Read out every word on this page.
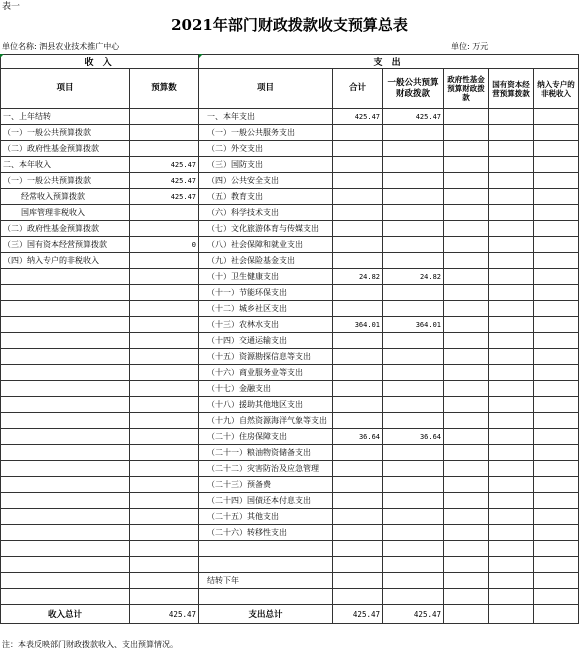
表一
2021年部门财政拨款收支预算总表
单位名称: 泗县农业技术推广中心	单位: 万元
收 入		支 出					
项目	预算数	项目	合计	一般公共预算财政拨款	政府性基金预算财政拨款	国有资本经营预算拨款	纳入专户的非税收入
一、上年结转		一、本年支出	425.47	425.47			
（一）一般公共预算拨款		（一）一般公共服务支出					
（二）政府性基金预算拨款		（二）外交支出					
二、本年收入	425.47	（三）国防支出					
（一）一般公共预算拨款	425.47	（四）公共安全支出					
经常收入预算拨款	425.47	（五）教育支出					
国库管理非税收入		（六）科学技术支出					
（二）政府性基金预算拨款		（七）文化旅游体育与传媒支出					
（三）国有资本经营预算拨款	0	（八）社会保障和就业支出					
（四）纳入专户的非税收入		（九）社会保险基金支出					
		（十）卫生健康支出	24.82	24.82			
		（十一）节能环保支出					
		（十二）城乡社区支出					
		（十三）农林水支出	364.01	364.01			
		（十四）交通运输支出					
		（十五）资源勘探信息等支出					
		（十六）商业服务业等支出					
		（十七）金融支出					
		（十八）援助其他地区支出					
		（十九）自然资源海洋气象等支出					
		（二十）住房保障支出	36.64	36.64			
		（二十一）粮油物资储备支出					
		（二十二）灾害防治及应急管理					
		（二十三）预备费					
		（二十四）国债还本付息支出					
		（二十五）其他支出					
		（二十六）转移性支出					

		结转下年					

收入总计	425.47	支出总计	425.47	425.47			
注：本表反映部门财政拨款收入、支出预算情况。
